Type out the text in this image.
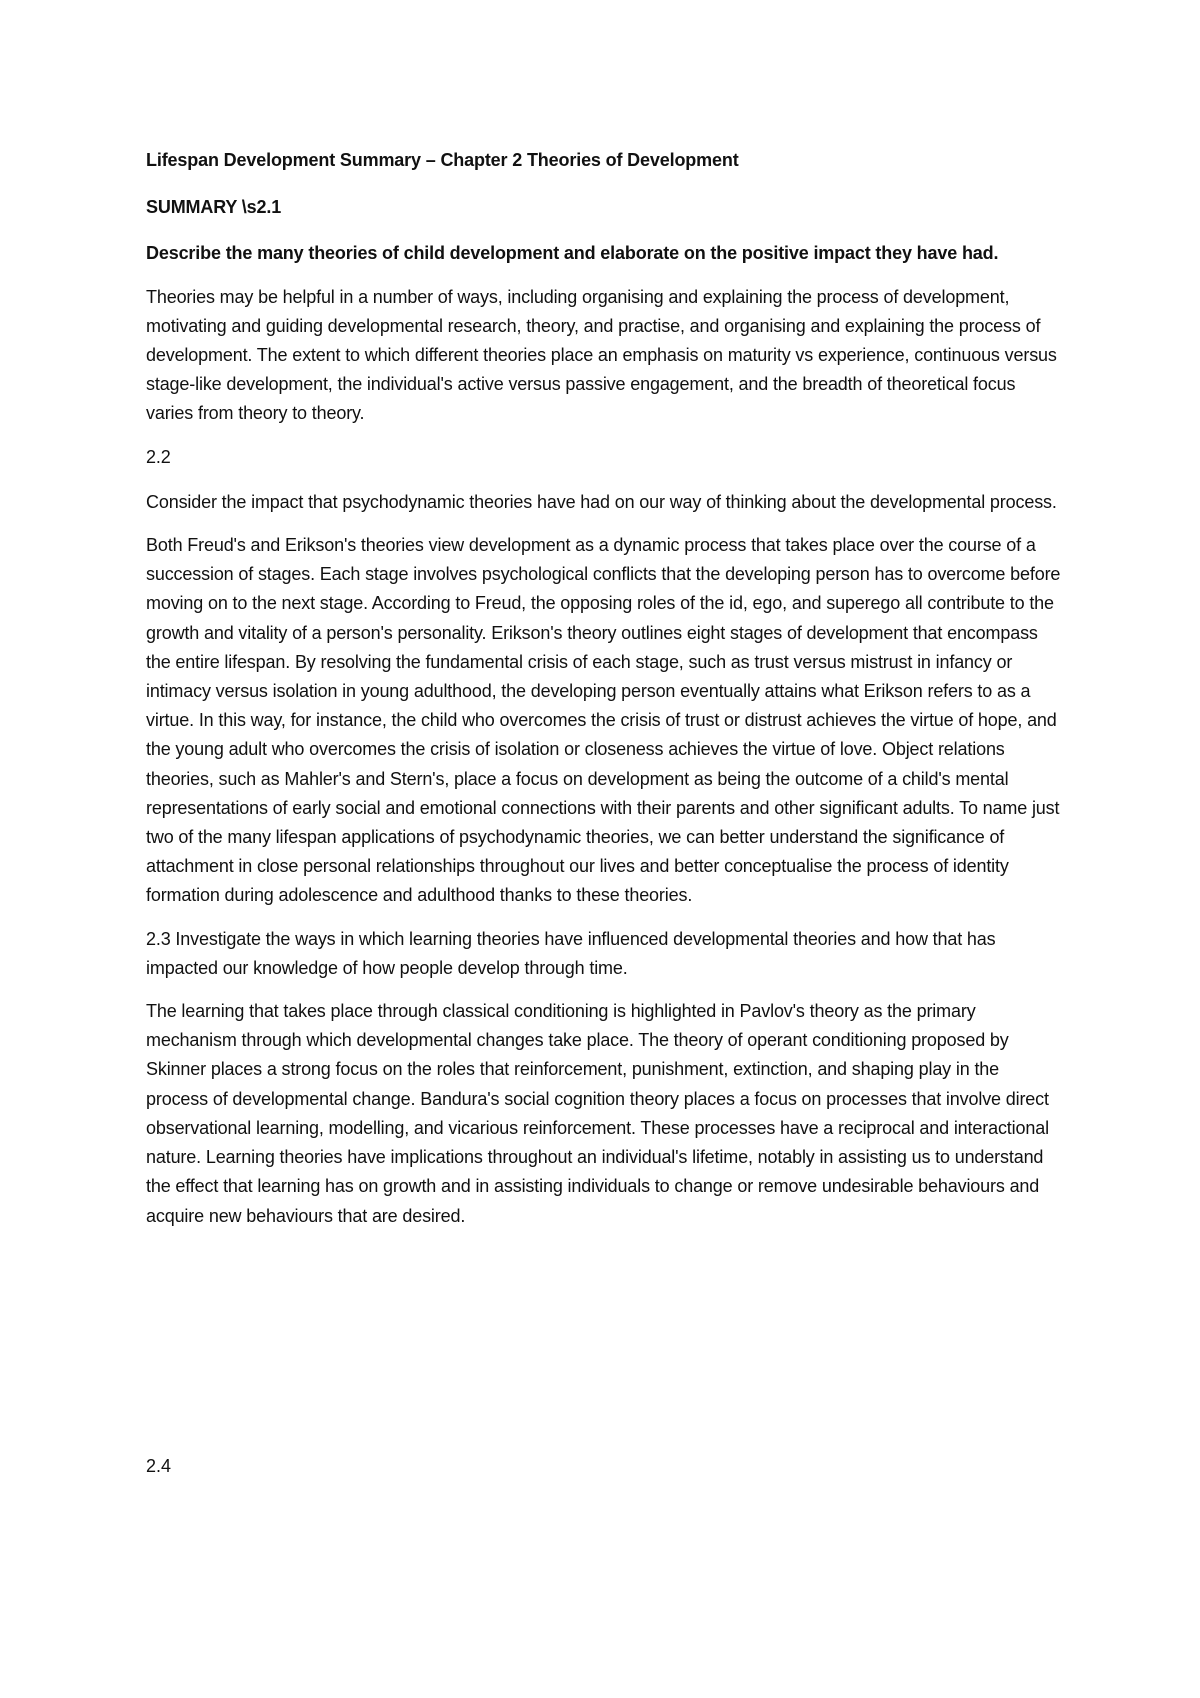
Lifespan Development Summary – Chapter 2 Theories of Development

SUMMARY \s2.1

Describe the many theories of child development and elaborate on the positive impact they have had.

Theories may be helpful in a number of ways, including organising and explaining the process of development, motivating and guiding developmental research, theory, and practise, and organising and explaining the process of development. The extent to which different theories place an emphasis on maturity vs experience, continuous versus stage-like development, the individual's active versus passive engagement, and the breadth of theoretical focus varies from theory to theory.

2.2

Consider the impact that psychodynamic theories have had on our way of thinking about the developmental process.

Both Freud's and Erikson's theories view development as a dynamic process that takes place over the course of a succession of stages. Each stage involves psychological conflicts that the developing person has to overcome before moving on to the next stage. According to Freud, the opposing roles of the id, ego, and superego all contribute to the growth and vitality of a person's personality. Erikson's theory outlines eight stages of development that encompass the entire lifespan. By resolving the fundamental crisis of each stage, such as trust versus mistrust in infancy or intimacy versus isolation in young adulthood, the developing person eventually attains what Erikson refers to as a virtue. In this way, for instance, the child who overcomes the crisis of trust or distrust achieves the virtue of hope, and the young adult who overcomes the crisis of isolation or closeness achieves the virtue of love. Object relations theories, such as Mahler's and Stern's, place a focus on development as being the outcome of a child's mental representations of early social and emotional connections with their parents and other significant adults. To name just two of the many lifespan applications of psychodynamic theories, we can better understand the significance of attachment in close personal relationships throughout our lives and better conceptualise the process of identity formation during adolescence and adulthood thanks to these theories.

2.3 Investigate the ways in which learning theories have influenced developmental theories and how that has impacted our knowledge of how people develop through time.

The learning that takes place through classical conditioning is highlighted in Pavlov's theory as the primary mechanism through which developmental changes take place. The theory of operant conditioning proposed by Skinner places a strong focus on the roles that reinforcement, punishment, extinction, and shaping play in the process of developmental change. Bandura's social cognition theory places a focus on processes that involve direct observational learning, modelling, and vicarious reinforcement. These processes have a reciprocal and interactional nature. Learning theories have implications throughout an individual's lifetime, notably in assisting us to understand the effect that learning has on growth and in assisting individuals to change or remove undesirable behaviours and acquire new behaviours that are desired.

2.4
